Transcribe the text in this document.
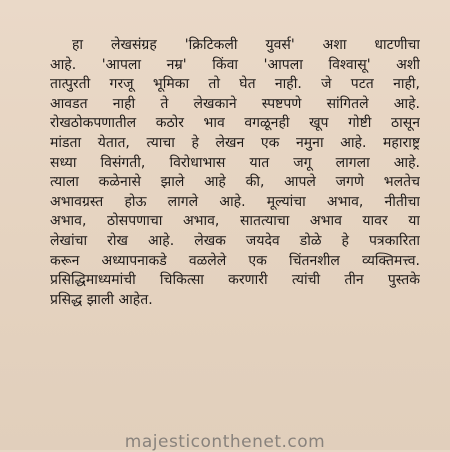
हा लेखसंग्रह 'क्रिटिकली युवर्स' अशा धाटणीचा
आहे. 'आपला नम्र' किंवा 'आपला विश्वासू' अशी
तात्पुरती गरजू भूमिका तो घेत नाही. जे पटत नाही,
आवडत नाही ते लेखकाने स्पष्टपणे सांगितले आहे.
रोखठोकपणातील कठोर भाव वगळूनही खूप गोष्टी ठासून
मांडता येतात, त्याचा हे लेखन एक नमुना आहे. महाराष्ट्र
सध्या विसंगती, विरोधाभास यात जगू लागला आहे.
त्याला कळेनासे झाले आहे की, आपले जगणे भलतेच
अभावग्रस्त होऊ लागले आहे. मूल्यांचा अभाव, नीतीचा
अभाव, ठोसपणाचा अभाव, सातत्याचा अभाव यावर या
लेखांचा रोख आहे. लेखक जयदेव डोळे हे पत्रकारिता
करून अध्यापनाकडे वळलेले एक चिंतनशील व्यक्तिमत्त्व.
प्रसिद्धिमाध्यमांची चिकित्सा करणारी त्यांची तीन पुस्तके
प्रसिद्ध झाली आहेत.
majesticonthenet.com
